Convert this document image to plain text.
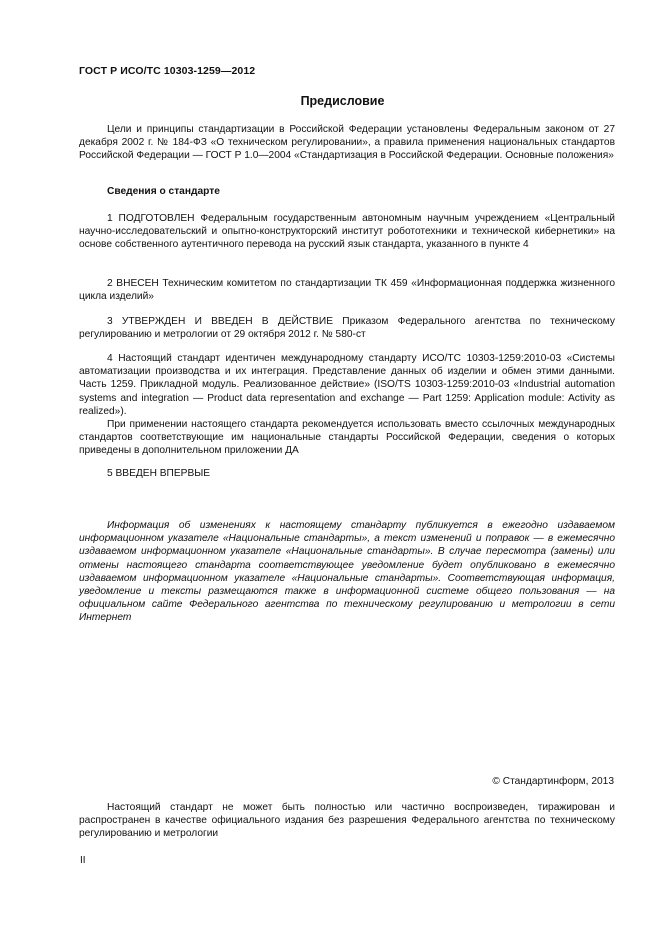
ГОСТ Р ИСО/ТС 10303-1259—2012
Предисловие

Цели и принципы стандартизации в Российской Федерации установлены Федеральным законом от 27 декабря 2002 г. № 184-ФЗ «О техническом регулировании», а правила применения национальных стандартов Российской Федерации — ГОСТ Р 1.0—2004 «Стандартизация в Российской Федерации. Основные положения»

Сведения о стандарте

1 ПОДГОТОВЛЕН Федеральным государственным автономным научным учреждением «Центральный научно-исследовательский и опытно-конструкторский институт робототехники и технической кибернетики» на основе собственного аутентичного перевода на русский язык стандарта, указанного в пункте 4

2 ВНЕСЕН Техническим комитетом по стандартизации ТК 459 «Информационная поддержка жизненного цикла изделий»

3 УТВЕРЖДЕН И ВВЕДЕН В ДЕЙСТВИЕ Приказом Федерального агентства по техническому регулированию и метрологии от 29 октября 2012 г. № 580-ст

4 Настоящий стандарт идентичен международному стандарту ИСО/ТС 10303-1259:2010-03 «Системы автоматизации производства и их интеграция. Представление данных об изделии и обмен этими данными. Часть 1259. Прикладной модуль. Реализованное действие» (ISO/TS 10303-1259:2010-03 «Industrial automation systems and integration — Product data representation and exchange — Part 1259: Application module: Activity as realized»).

При применении настоящего стандарта рекомендуется использовать вместо ссылочных международных стандартов соответствующие им национальные стандарты Российской Федерации, сведения о которых приведены в дополнительном приложении ДА

5 ВВЕДЕН ВПЕРВЫЕ

Информация об изменениях к настоящему стандарту публикуется в ежегодно издаваемом информационном указателе «Национальные стандарты», а текст изменений и поправок — в ежемесячно издаваемом информационном указателе «Национальные стандарты». В случае пересмотра (замены) или отмены настоящего стандарта соответствующее уведомление будет опубликовано в ежемесячно издаваемом информационном указателе «Национальные стандарты». Соответствующая информация, уведомление и тексты размещаются также в информационной системе общего пользования — на официальном сайте Федерального агентства по техническому регулированию и метрологии в сети Интернет

© Стандартинформ, 2013

Настоящий стандарт не может быть полностью или частично воспроизведен, тиражирован и распространен в качестве официального издания без разрешения Федерального агентства по техническому регулированию и метрологии

II
